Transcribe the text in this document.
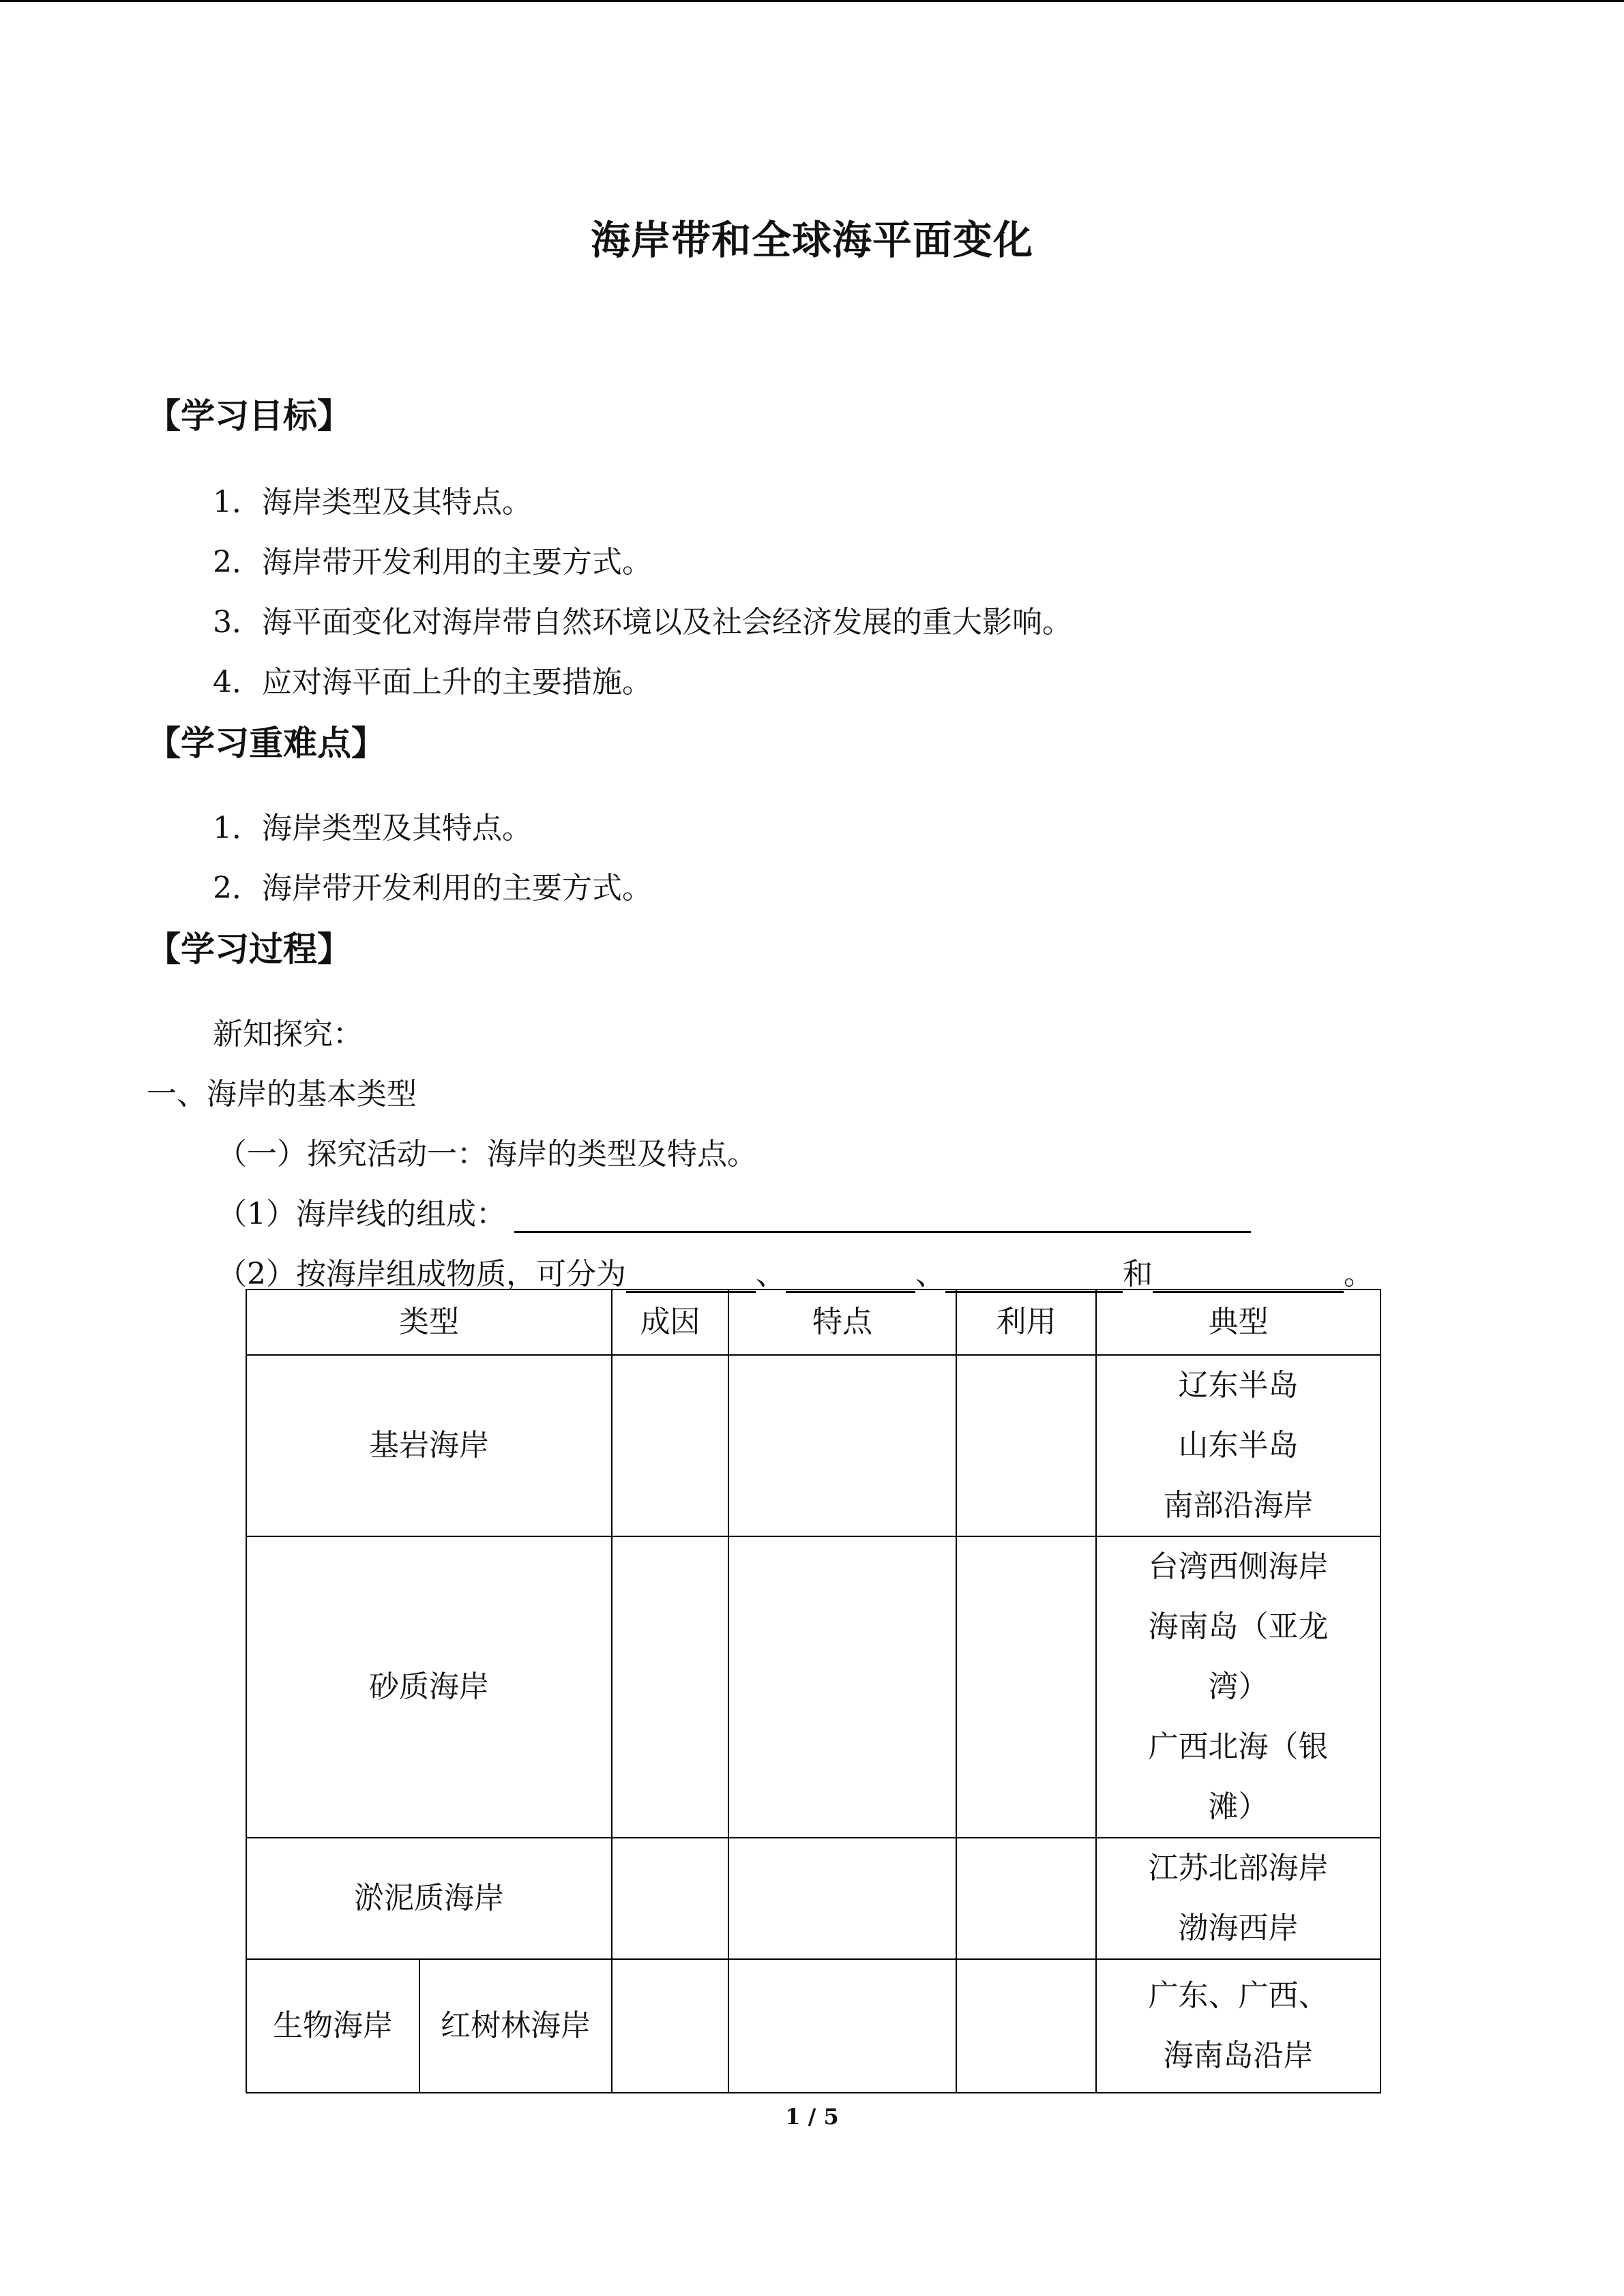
海岸带和全球海平面变化
【学习目标】
1．海岸类型及其特点。
2．海岸带开发利用的主要方式。
3．海平面变化对海岸带自然环境以及社会经济发展的重大影响。
4．应对海平面上升的主要措施。
【学习重难点】
1．海岸类型及其特点。
2．海岸带开发利用的主要方式。
【学习过程】
新知探究：
一、海岸的基本类型
（一）探究活动一：海岸的类型及特点。
（1）海岸线的组成：
（2）按海岸组成物质，可分为	、	、	和	。
类型		成因	特点	利用	典型
基岩海岸					辽东半岛
山东半岛
南部沿海岸

砂质海岸					台湾西侧海岸
海南岛（亚龙
湾）
广西北海（银
滩）

淤泥质海岸					江苏北部海岸
渤海西岸

生物海岸	红树林海岸				广东、广西、
海南岛沿岸
1 / 5
